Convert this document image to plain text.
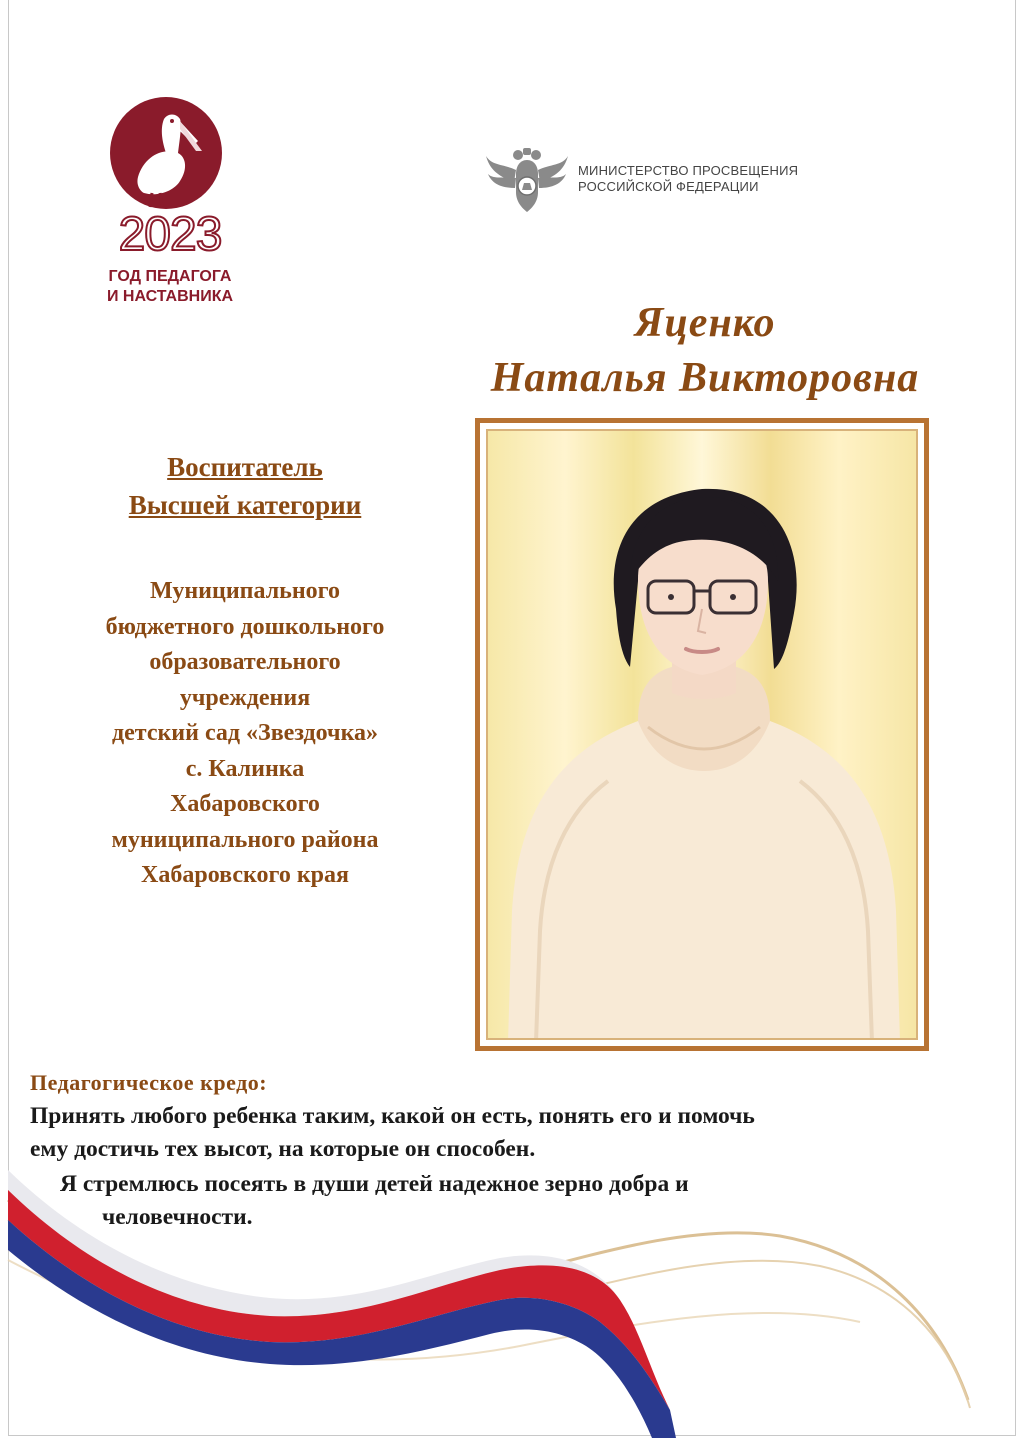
2023
ГОД ПЕДАГОГА
И НАСТАВНИКА
МИНИСТЕРСТВО ПРОСВЕЩЕНИЯ
РОССИЙСКОЙ ФЕДЕРАЦИИ
Яценко
Наталья Викторовна
Воспитатель
Высшей категории
Муниципального
бюджетного дошкольного
образовательного
учреждения
детский сад «Звездочка»
с. Калинка
Хабаровского
муниципального района
Хабаровского края
Педагогическое кредо:
Принять любого ребенка таким, какой он есть, понять его и помочь
ему достичь тех высот, на которые он способен.
Я стремлюсь посеять в души детей надежное зерно добра и
человечности.
